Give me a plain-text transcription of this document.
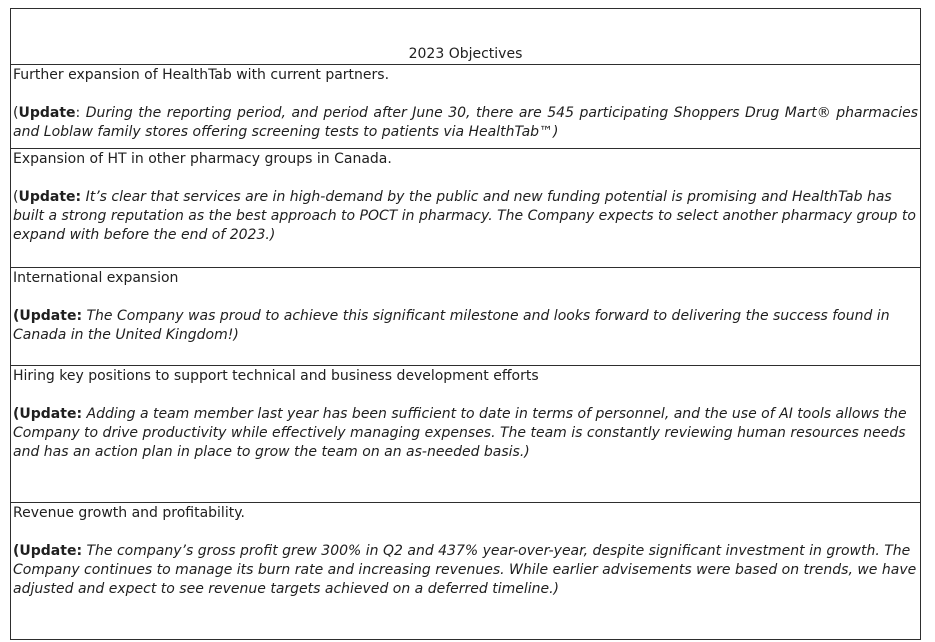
2023 Objectives

Further expansion of HealthTab with current partners.

(Update: During the reporting period, and period after June 30, there are 545 participating Shoppers Drug Mart® pharmacies and Loblaw family stores offering screening tests to patients via HealthTab™)

Expansion of HT in other pharmacy groups in Canada.

(Update: It’s clear that services are in high-demand by the public and new funding potential is promising and HealthTab has built a strong reputation as the best approach to POCT in pharmacy. The Company expects to select another pharmacy group to expand with before the end of 2023.)

International expansion

(Update: The Company was proud to achieve this significant milestone and looks forward to delivering the success found in Canada in the United Kingdom!)

Hiring key positions to support technical and business development efforts

(Update: Adding a team member last year has been sufficient to date in terms of personnel, and the use of AI tools allows the Company to drive productivity while effectively managing expenses. The team is constantly reviewing human resources needs and has an action plan in place to grow the team on an as-needed basis.)

Revenue growth and profitability.

(Update: The company’s gross profit grew 300% in Q2 and 437% year-over-year, despite significant investment in growth. The Company continues to manage its burn rate and increasing revenues. While earlier advisements were based on trends, we have adjusted and expect to see revenue targets achieved on a deferred timeline.)
